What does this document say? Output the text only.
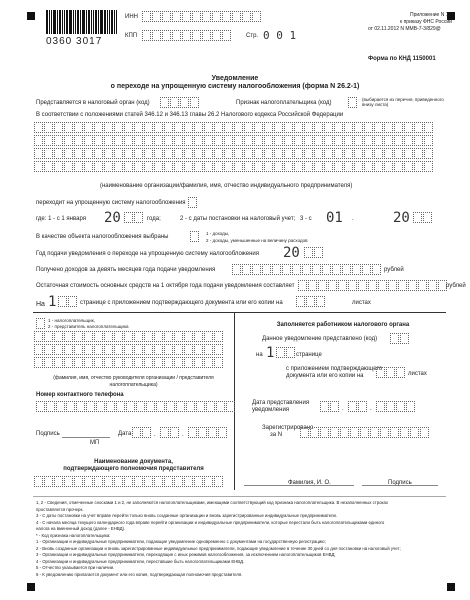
0360 3017
ИНН
КПП	Стр. 0 0 1
Приложение N 1
к приказу ФНС России
от 02.11.2012 N ММВ-7-3/829@
Форма по КНД 1150001
Уведомление
о переходе на упрощенную систему налогообложения (форма N 26.2-1)
Представляется в налоговый орган (код)	Признак налогоплательщика (код)
(выбирается из перечня, приведенного внизу листа)
В соответствии с положениями статей 346.12 и 346.13 главы 26.2 Налогового кодекса Российской Федерации
(наименование организации/фамилия, имя, отчество индивидуального предпринимателя)
переходит на упрощенную систему налогообложения
где: 1 - с 1 января 20	года;	2 - с даты постановки на налоговый учет; 3 - с 01 .	20
В качестве объекта налогообложения выбраны
1 - доходы,
2 - доходы, уменьшенные на величину расходов
Год подачи уведомления о переходе на упрощенную систему налогообложения 20
Получено доходов за девять месяцев года подачи уведомления	рублей
Остаточная стоимость основных средств на 1 октября года подачи уведомления составляет	рублей
На 1	странице с приложением подтверждающего документа или его копии на	листах
1 - налогоплательщик,
2 - представитель налогоплательщика
(фамилия, имя, отчество руководителя организации / представителя налогоплательщика)
Номер контактного телефона
Подпись	Дата	.	.
МП
Наименование документа,
подтверждающего полномочия представителя
Заполняется работником налогового органа
Данное уведомление представлено (код)
на 1	странице
с приложением подтверждающего
документа или его копии на	листах
Дата представления
уведомления	.	.
Зарегистрировано
за N
Фамилия, И. О.	Подпись
1, 2 - Сведения, отмеченные сносками 1 и 2, не заполняются налогоплательщиками, имеющими соответствующий код признака налогоплательщика. В незаполненных строках
проставляется прочерк.
3 - С даты постановки на учет вправе перейти только вновь созданные организации и вновь зарегистрированные индивидуальные предприниматели.
4 - С начала месяца текущего календарного года вправе перейти организации и индивидуальные предприниматели, которые перестали быть налогоплательщиками единого
налога на вмененный доход (далее - ЕНВД).
* - Код признака налогоплательщика:
1 - Организации и индивидуальные предприниматели, подающие уведомление одновременно с документами на государственную регистрацию;
2 - Вновь созданные организации и вновь зарегистрированные индивидуальные предприниматели, подающие уведомление в течение 30 дней со дня постановки на налоговый учет;
3 - Организации и индивидуальные предприниматели, переходящие с иных режимов налогообложения, за исключением налогоплательщиков ЕНВД;
4 - Организации и индивидуальные предприниматели, переставшие быть налогоплательщиками ЕНВД.
5 - Отчество указывается при наличии.
6 - К уведомлению прилагается документ или его копия, подтверждающая полномочия представителя.
